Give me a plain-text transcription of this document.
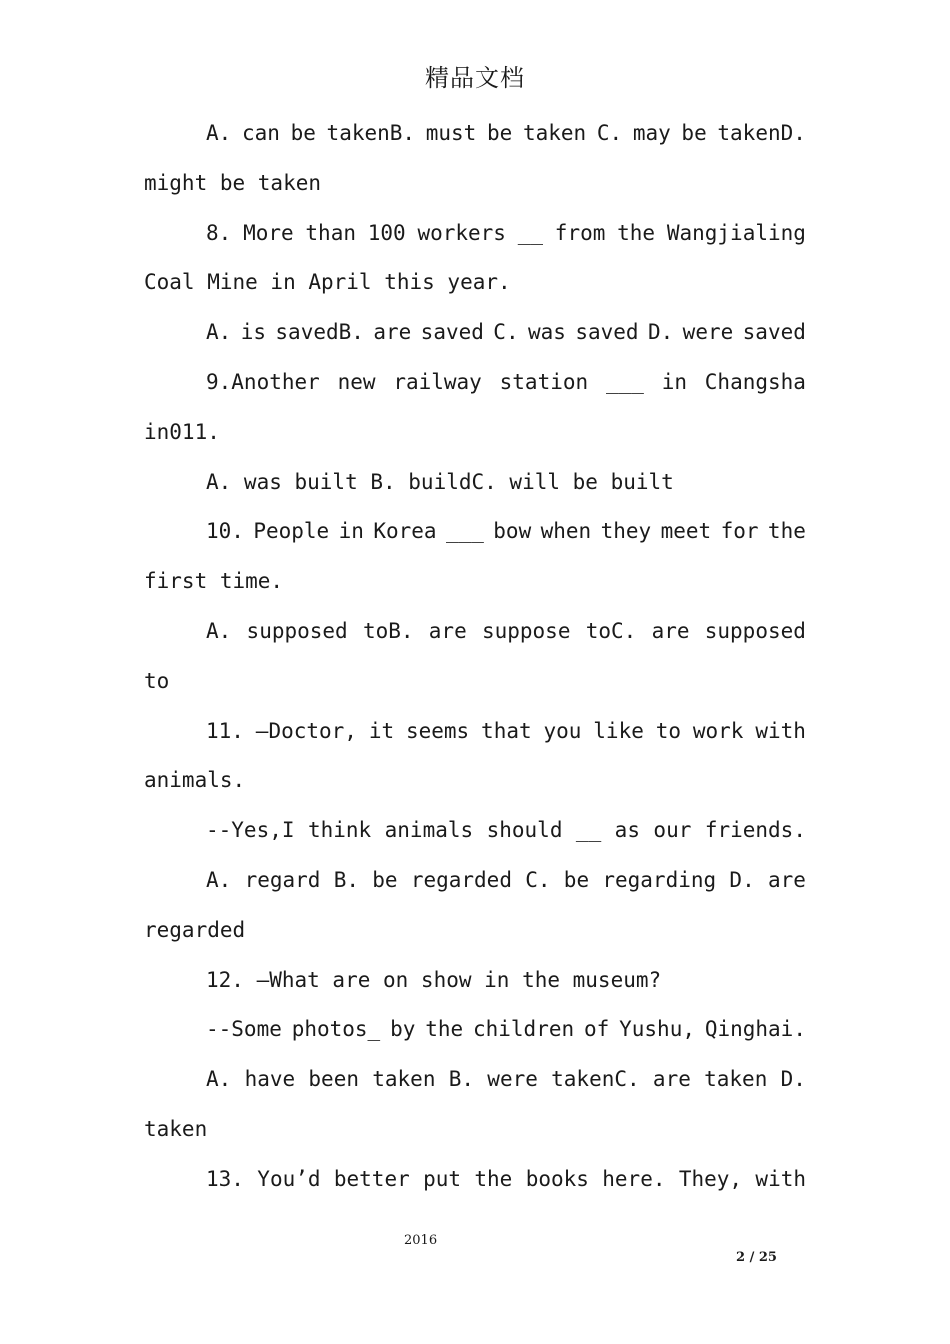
精品文档
A. can be takenB. must be taken C. may be takenD.
might be taken
8. More than 100 workers __ from the Wangjialing
Coal Mine in April this year.
A. is savedB. are saved C. was saved D. were saved
9.Another new railway station ___ in Changsha
in011.
A. was built B. buildC. will be built
10. People in Korea ___ bow when they meet for the
first time.
A. supposed toB. are suppose toC. are supposed
to
11. –Doctor, it seems that you like to work with
animals.
--Yes,I think animals should __ as our friends.
A. regard B. be regarded C. be regarding D. are
regarded
12. –What are on show in the museum?
--Some photos_ by the children of Yushu, Qinghai.
A. have been taken B. were takenC. are taken D.
taken
13. You’d better put the books here. They, with
2016
2 / 25
